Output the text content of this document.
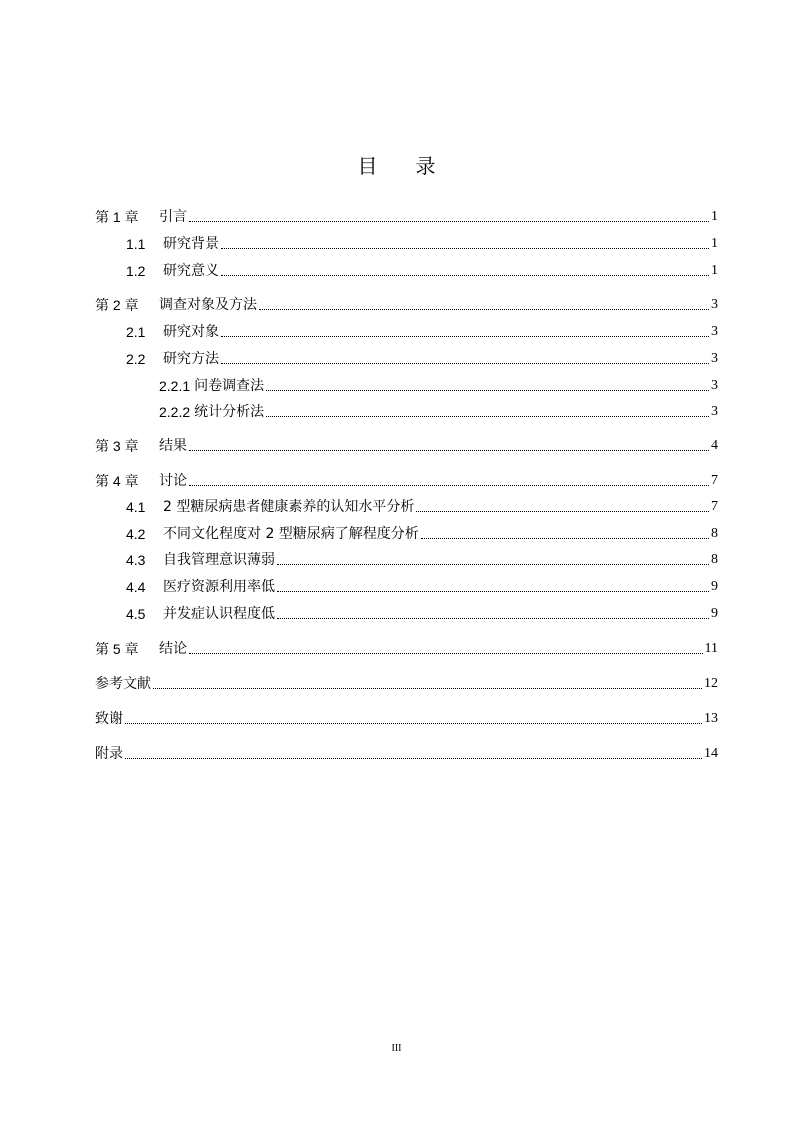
目 录
第 1 章	引言	1
1.1	研究背景	1
1.2	研究意义	1
第 2 章	调查对象及方法	3
2.1	研究对象	3
2.2	研究方法	3
2.2.1 问卷调查法	3
2.2.2 统计分析法	3
第 3 章	结果	4
第 4 章	讨论	7
4.1	2 型糖尿病患者健康素养的认知水平分析	7
4.2	不同文化程度对 2 型糖尿病了解程度分析	8
4.3	自我管理意识薄弱	8
4.4	医疗资源利用率低	9
4.5	并发症认识程度低	9
第 5 章	结论	11
参考文献	12
致谢	13
附录	14
III
